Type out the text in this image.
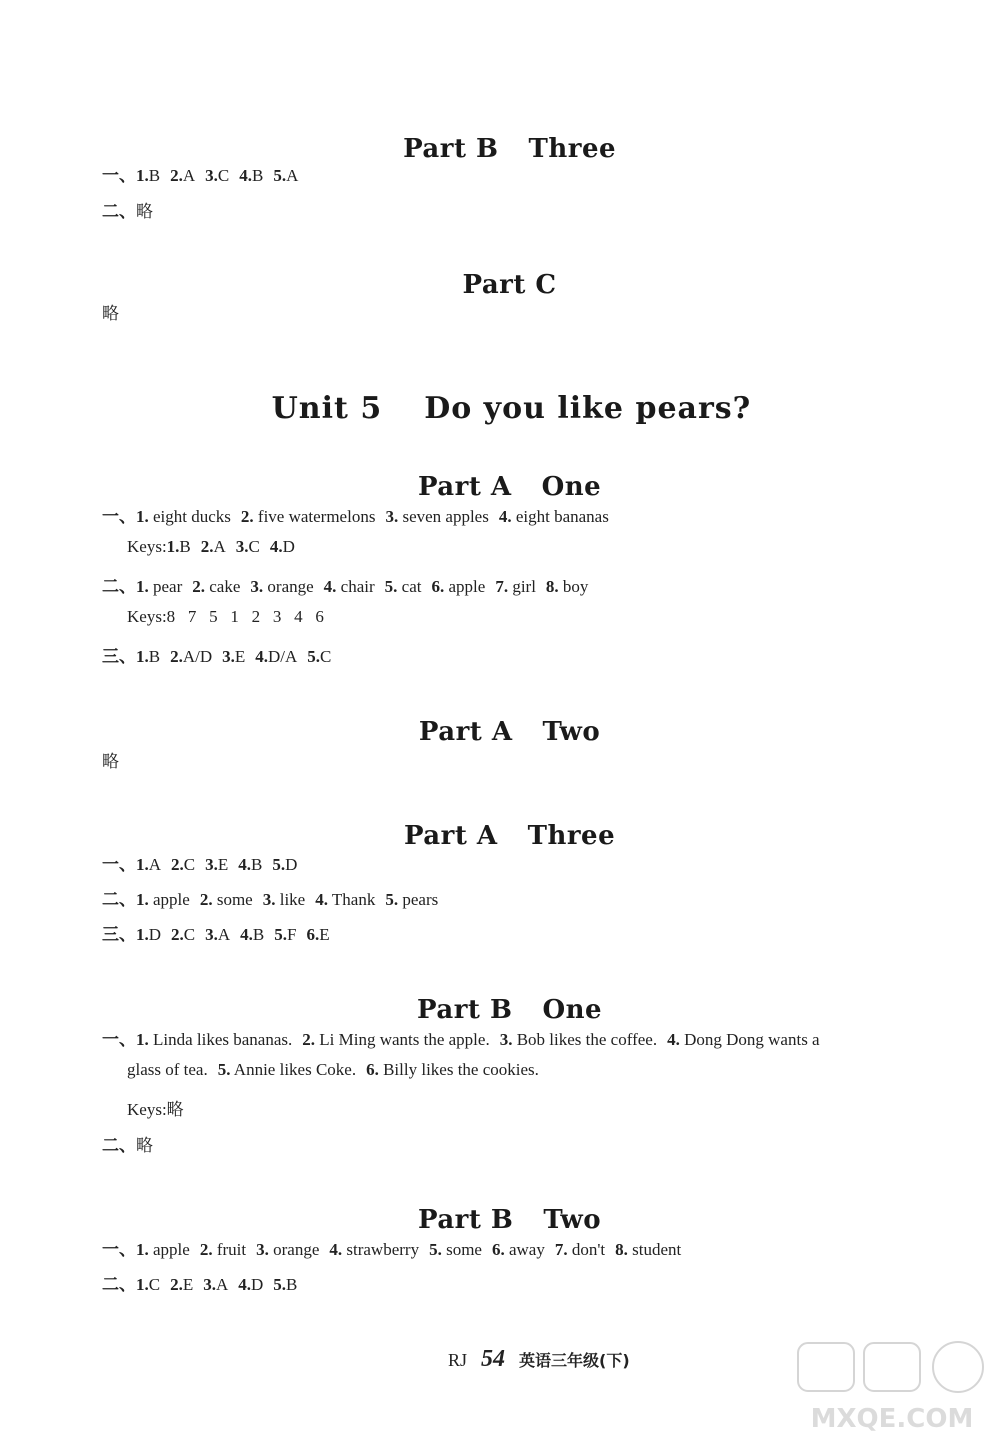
Part B Three

一、1.B 2.A 3.C 4.B 5.A
二、略

Part C

略

Unit 5 Do you like pears?

Part A One

一、1. eight ducks 2. five watermelons 3. seven apples 4. eight bananas
Keys:1.B 2.A 3.C 4.D
二、1. pear 2. cake 3. orange 4. chair 5. cat 6. apple 7. girl 8. boy
Keys:8   7   5   1   2   3   4   6
三、1.B 2.A/D 3.E 4.D/A 5.C

Part A Two

略

Part A Three

一、1.A 2.C 3.E 4.B 5.D
二、1. apple 2. some 3. like 4. Thank 5. pears
三、1.D 2.C 3.A 4.B 5.F 6.E

Part B One

一、1. Linda likes bananas. 2. Li Ming wants the apple. 3. Bob likes the coffee. 4. Dong Dong wants a
glass of tea. 5. Annie likes Coke. 6. Billy likes the cookies.
Keys:略
二、略

Part B Two

一、1. apple 2. fruit 3. orange 4. strawberry 5. some 6. away 7. don't 8. student
二、1.C 2.E 3.A 4.D 5.B
RJ 54 英语三年级(下)
MXQE.COM
